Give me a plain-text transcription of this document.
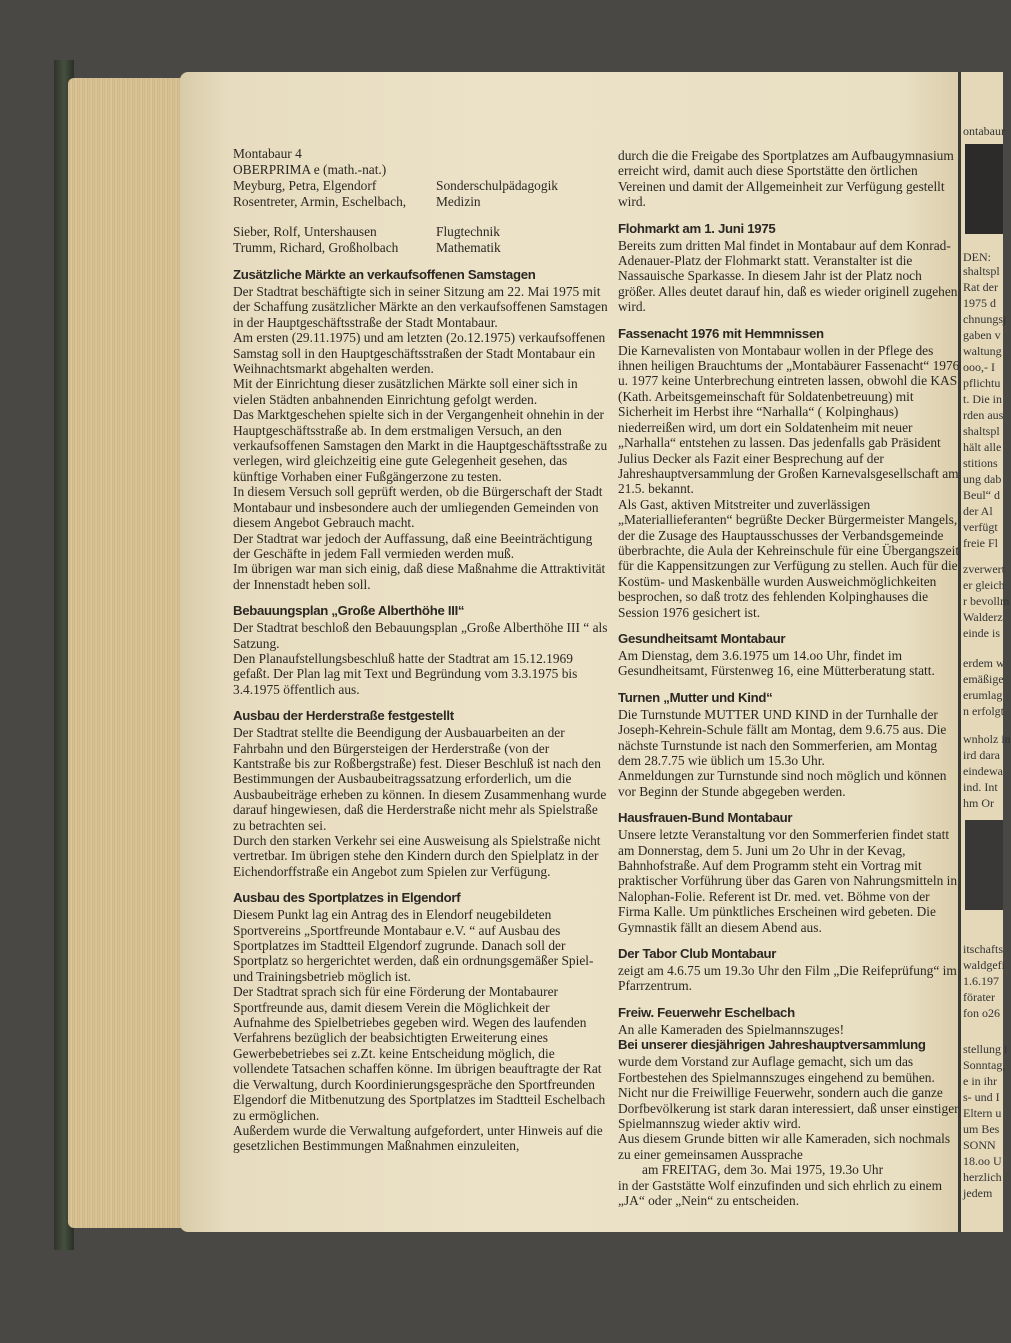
ontabaur
DEN:
shaltspl
Rat der
1975 d
chnungsj
gaben v
waltung
ooo,- I
pflichtu
t. Die in
rden aus
shaltspl
hält alle
stitions
ung dab
Beul“ d
der Al
verfügt
freie Fl
zverwert
er gleich
r bevollm
Walderz
einde is
erdem w
emäßige
erumlag
n erfolgt
wnholz in
ird dara
eindewa
ind. Int
hm Or
itschafts
waldgefi
1.6.197
förater
fon o26
stellung i
Sonntag,
e in ihr
s- und I
Eltern u
um Bes
SONN
18.oo U
herzlich
jedem

Montabaur 4

OBERPRIMA e (math.-nat.)

Meyburg, Petra, Elgendorf	Sonderschulpädagogik
Rosentreter, Armin, Eschelbach,	Medizin
Sieber, Rolf, Untershausen	Flugtechnik
Trumm, Richard, Großholbach	Mathematik
Zusätzliche Märkte an verkaufsoffenen Samstagen

Der Stadtrat beschäftigte sich in seiner Sitzung am 22. Mai 1975 mit der Schaffung zusätzlicher Märkte an den verkaufsoffenen Samstagen in der Hauptgeschäftsstraße der Stadt Montabaur.

Am ersten (29.11.1975) und am letzten (2o.12.1975) verkaufsoffenen Samstag soll in den Hauptgeschäftsstraßen der Stadt Montabaur ein Weihnachtsmarkt abgehalten werden.

Mit der Einrichtung dieser zusätzlichen Märkte soll einer sich in vielen Städten anbahnenden Einrichtung gefolgt werden.

Das Marktgeschehen spielte sich in der Vergangenheit ohnehin in der Hauptgeschäftsstraße ab. In dem erstmaligen Versuch, an den verkaufsoffenen Samstagen den Markt in die Hauptgeschäftsstraße zu verlegen, wird gleichzeitig eine gute Gelegenheit gesehen, das künftige Vorhaben einer Fußgängerzone zu testen.

In diesem Versuch soll geprüft werden, ob die Bürgerschaft der Stadt Montabaur und insbesondere auch der umliegenden Gemeinden von diesem Angebot Gebrauch macht.

Der Stadtrat war jedoch der Auffassung, daß eine Beeinträchtigung der Geschäfte in jedem Fall vermieden werden muß.

Im übrigen war man sich einig, daß diese Maßnahme die Attraktivität der Innenstadt heben soll.

Bebauungsplan „Große Alberthöhe III“

Der Stadtrat beschloß den Bebauungsplan „Große Alberthöhe III “ als Satzung.

Den Planaufstellungsbeschluß hatte der Stadtrat am 15.12.1969 gefaßt. Der Plan lag mit Text und Begründung vom 3.3.1975 bis 3.4.1975 öffentlich aus.

Ausbau der Herderstraße festgestellt

Der Stadtrat stellte die Beendigung der Ausbauarbeiten an der Fahrbahn und den Bürgersteigen der Herderstraße (von der Kantstraße bis zur Roßbergstraße) fest. Dieser Beschluß ist nach den Bestimmungen der Ausbaubeitragssatzung erforderlich, um die Ausbaubeiträge erheben zu können. In diesem Zusammenhang wurde darauf hingewiesen, daß die Herderstraße nicht mehr als Spielstraße zu betrachten sei.

Durch den starken Verkehr sei eine Ausweisung als Spielstraße nicht vertretbar. Im übrigen stehe den Kindern durch den Spielplatz in der Eichendorffstraße ein Angebot zum Spielen zur Verfügung.

Ausbau des Sportplatzes in Elgendorf

Diesem Punkt lag ein Antrag des in Elendorf neugebildeten Sportvereins „Sportfreunde Montabaur e.V. “ auf Ausbau des Sportplatzes im Stadtteil Elgendorf zugrunde. Danach soll der Sportplatz so hergerichtet werden, daß ein ordnungsgemäßer Spiel- und Trainingsbetrieb möglich ist.

Der Stadtrat sprach sich für eine Förderung der Montabaurer Sportfreunde aus, damit diesem Verein die Möglichkeit der Aufnahme des Spielbetriebes gegeben wird. Wegen des laufenden Verfahrens bezüglich der beabsichtigten Erweiterung eines Gewerbebetriebes sei z.Zt. keine Entscheidung möglich, die vollendete Tatsachen schaffen könne. Im übrigen beauftragte der Rat die Verwaltung, durch Koordinierungsgespräche den Sportfreunden Elgendorf die Mitbenutzung des Sportplatzes im Stadtteil Eschelbach zu ermöglichen.

Außerdem wurde die Verwaltung aufgefordert, unter Hinweis auf die gesetzlichen Bestimmungen Maßnahmen einzuleiten,

durch die die Freigabe des Sportplatzes am Aufbaugymnasium erreicht wird, damit auch diese Sportstätte den örtlichen Vereinen und damit der Allgemeinheit zur Verfügung gestellt wird.

Flohmarkt am 1. Juni 1975

Bereits zum dritten Mal findet in Montabaur auf dem Konrad-Adenauer-Platz der Flohmarkt statt. Veranstalter ist die Nassauische Sparkasse. In diesem Jahr ist der Platz noch größer. Alles deutet darauf hin, daß es wieder originell zugehen wird.

Fassenacht 1976 mit Hemmnissen

Die Karnevalisten von Montabaur wollen in der Pflege des ihnen heiligen Brauchtums der „Montabäurer Fassenacht“ 1976 u. 1977 keine Unterbrechung eintreten lassen, obwohl die KAS (Kath. Arbeitsgemeinschaft für Soldatenbetreuung) mit Sicherheit im Herbst ihre “Narhalla“ ( Kolpinghaus) niederreißen wird, um dort ein Soldatenheim mit neuer „Narhalla“ entstehen zu lassen. Das jedenfalls gab Präsident Julius Decker als Fazit einer Besprechung auf der Jahreshauptversammlung der Großen Karnevalsgesellschaft am 21.5. bekannt.

Als Gast, aktiven Mitstreiter und zuverlässigen „Materiallieferanten“ begrüßte Decker Bürgermeister Mangels, der die Zusage des Hauptausschusses der Verbandsgemeinde überbrachte, die Aula der Kehreinschule für eine Übergangszeit für die Kappensitzungen zur Verfügung zu stellen. Auch für die Kostüm- und Maskenbälle wurden Ausweichmöglichkeiten besprochen, so daß trotz des fehlenden Kolpinghauses die Session 1976 gesichert ist.

Gesundheitsamt Montabaur

Am Dienstag, dem 3.6.1975 um 14.oo Uhr, findet im Gesundheitsamt, Fürstenweg 16, eine Mütterberatung statt.

Turnen „Mutter und Kind“

Die Turnstunde MUTTER UND KIND in der Turnhalle der Joseph-Kehrein-Schule fällt am Montag, dem 9.6.75 aus. Die nächste Turnstunde ist nach den Sommerferien, am Montag dem 28.7.75 wie üblich um 15.3o Uhr.

Anmeldungen zur Turnstunde sind noch möglich und können vor Beginn der Stunde abgegeben werden.

Hausfrauen-Bund Montabaur

Unsere letzte Veranstaltung vor den Sommerferien findet statt am Donnerstag, dem 5. Juni um 2o Uhr in der Kevag, Bahnhofstraße. Auf dem Programm steht ein Vortrag mit praktischer Vorführung über das Garen von Nahrungsmitteln in Nalophan-Folie. Referent ist Dr. med. vet. Böhme von der Firma Kalle. Um pünktliches Erscheinen wird gebeten. Die Gymnastik fällt an diesem Abend aus.

Der Tabor Club Montabaur

zeigt am 4.6.75 um 19.3o Uhr den Film „Die Reifeprüfung“ im Pfarrzentrum.

Freiw. Feuerwehr Eschelbach

An alle Kameraden des Spielmannszuges!

Bei unserer diesjährigen Jahreshauptversammlung

wurde dem Vorstand zur Auflage gemacht, sich um das Fortbestehen des Spielmannszuges eingehend zu bemühen.

Nicht nur die Freiwillige Feuerwehr, sondern auch die ganze Dorfbevölkerung ist stark daran interessiert, daß unser einstiger Spielmannszug wieder aktiv wird.

Aus diesem Grunde bitten wir alle Kameraden, sich nochmals zu einer gemeinsamen Aussprache

am FREITAG, dem 3o. Mai 1975, 19.3o Uhr

in der Gaststätte Wolf einzufinden und sich ehrlich zu einem „JA“ oder „Nein“ zu entscheiden.
